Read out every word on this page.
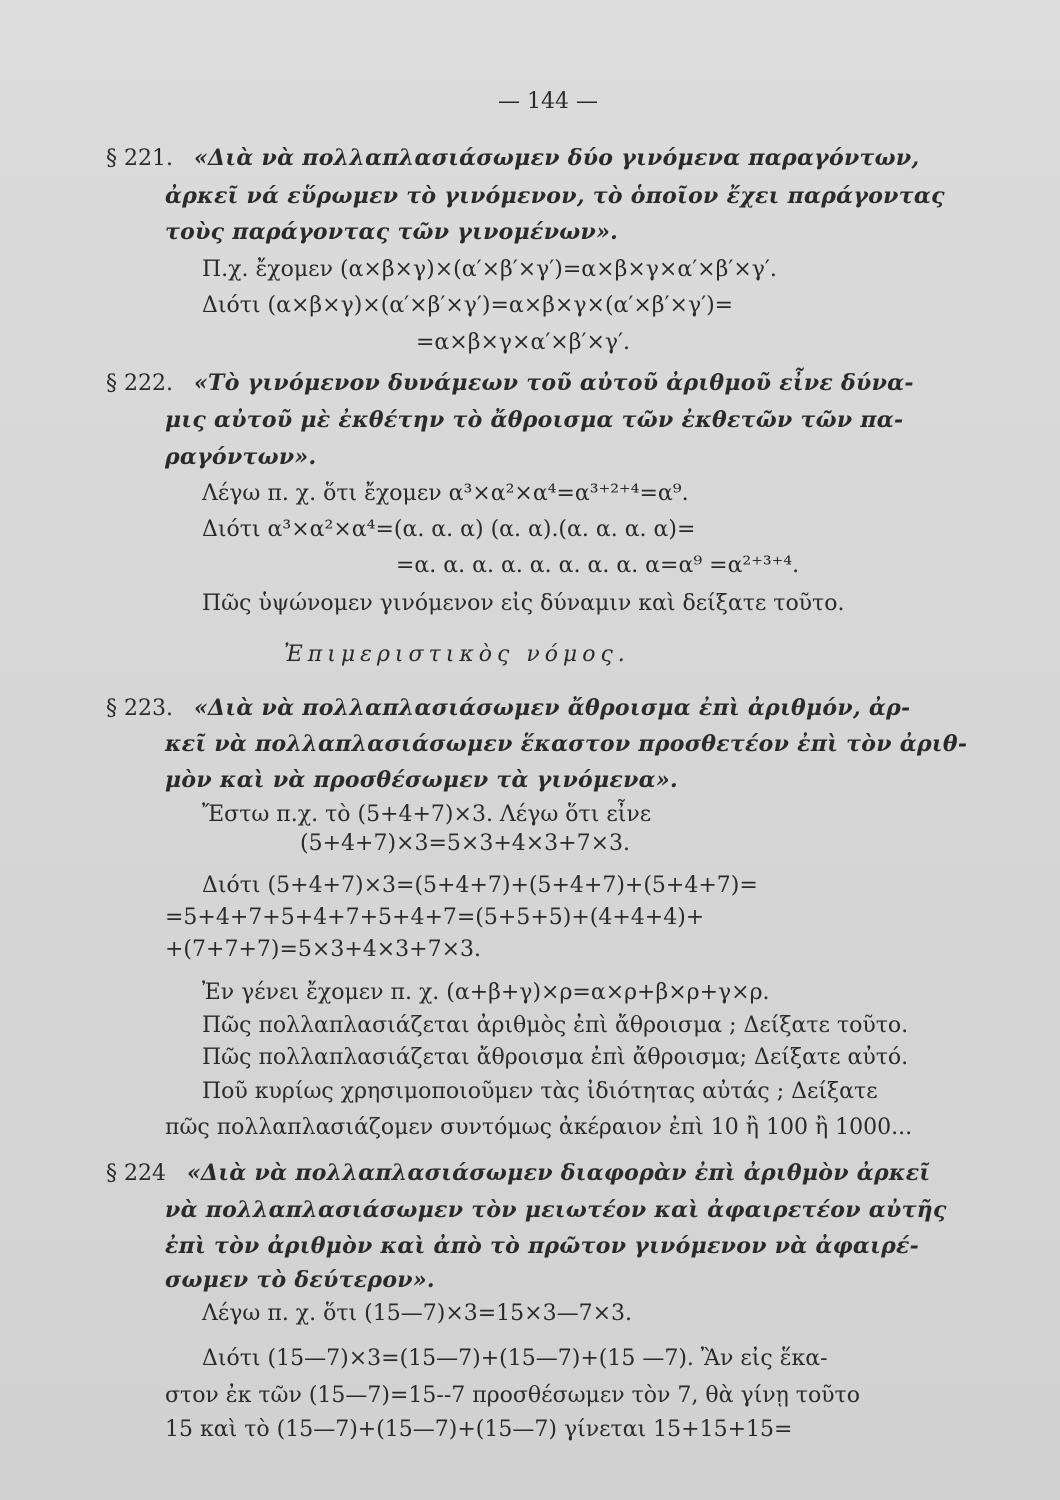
— 144 —
§ 221. «Διὰ νὰ πολλαπλασιάσωμεν δύο γινόμενα παραγόντων,
ἀρκεῖ νά εὕρωμεν τὸ γινόμενον, τὸ ὁποῖον ἔχει παράγοντας
τοὺς παράγοντας τῶν γινομένων».
Π.χ. ἔχομεν (α×β×γ)×(α′×β′×γ′)=α×β×γ×α′×β′×γ′.
Διότι (α×β×γ)×(α′×β′×γ′)=α×β×γ×(α′×β′×γ′)=
=α×β×γ×α′×β′×γ′.
§ 222. «Τὸ γινόμενον δυνάμεων τοῦ αὐτοῦ ἀριθμοῦ εἶνε δύνα-
μις αὐτοῦ μὲ ἐκθέτην τὸ ἄθροισμα τῶν ἐκθετῶν τῶν πα-
ραγόντων».
Λέγω π. χ. ὅτι ἔχομεν α³×α²×α⁴=α³⁺²⁺⁴=α⁹.
Διότι α³×α²×α⁴=(α. α. α) (α. α).(α. α. α. α)=
=α. α. α. α. α. α. α. α. α=α⁹ =α²⁺³⁺⁴.
Πῶς ὑψώνομεν γινόμενον εἰς δύναμιν καὶ δείξατε τοῦτο.
Ἐπιμεριστικὸς νόμος.
§ 223. «Διὰ νὰ πολλαπλασιάσωμεν ἄθροισμα ἐπὶ ἀριθμόν, ἀρ-
κεῖ νὰ πολλαπλασιάσωμεν ἕκαστον προσθετέον ἐπὶ τὸν ἀριθ-
μὸν καὶ νὰ προσθέσωμεν τὰ γινόμενα».
Ἔστω π.χ. τὸ (5+4+7)×3. Λέγω ὅτι εἶνε
(5+4+7)×3=5×3+4×3+7×3.
Διότι (5+4+7)×3=(5+4+7)+(5+4+7)+(5+4+7)=
=5+4+7+5+4+7+5+4+7=(5+5+5)+(4+4+4)+
+(7+7+7)=5×3+4×3+7×3.
Ἐν γένει ἔχομεν π. χ. (α+β+γ)×ρ=α×ρ+β×ρ+γ×ρ.
Πῶς πολλαπλασιάζεται ἀριθμὸς ἐπὶ ἄθροισμα ; Δείξατε τοῦτο.
Πῶς πολλαπλασιάζεται ἄθροισμα ἐπὶ ἄθροισμα; Δείξατε αὐτό.
Ποῦ κυρίως χρησιμοποιοῦμεν τὰς ἰδιότητας αὐτάς ; Δείξατε
πῶς πολλαπλασιάζομεν συντόμως ἀκέραιον ἐπὶ 10 ἢ 100 ἢ 1000...
§ 224 «Διὰ νὰ πολλαπλασιάσωμεν διαφορὰν ἐπὶ ἀριθμὸν ἀρκεῖ
νὰ πολλαπλασιάσωμεν τὸν μειωτέον καὶ ἀφαιρετέον αὐτῆς
ἐπὶ τὸν ἀριθμὸν καὶ ἀπὸ τὸ πρῶτον γινόμενον νὰ ἀφαιρέ-
σωμεν τὸ δεύτερον».
Λέγω π. χ. ὅτι (15—7)×3=15×3—7×3.
Διότι (15—7)×3=(15—7)+(15—7)+(15 —7). Ἂν εἰς ἕκα-
στον ἐκ τῶν (15—7)=15--7 προσθέσωμεν τὸν 7, θὰ γίνῃ τοῦτο
15 καὶ τὸ (15—7)+(15—7)+(15—7) γίνεται 15+15+15=
